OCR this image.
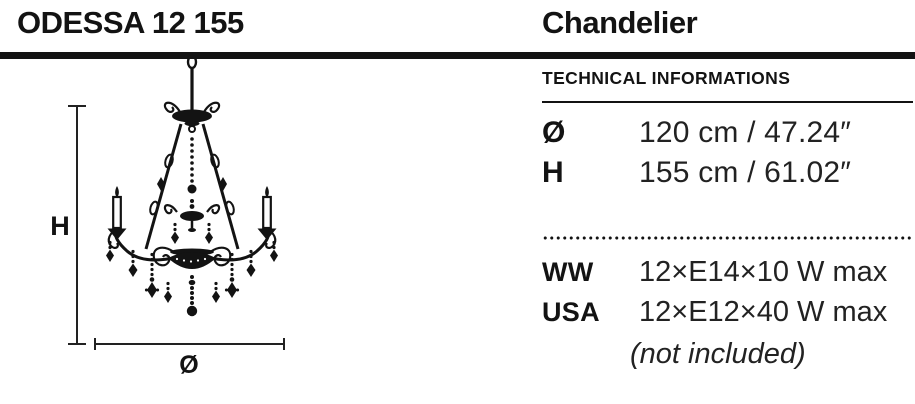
ODESSA 12 155	Chandelier
H
Ø
TECHNICAL INFORMATIONS
Ø	120 cm / 47.24″
H	155 cm / 61.02″
WW	12×E14×10 W max
USA	12×E12×40 W max
(not included)
